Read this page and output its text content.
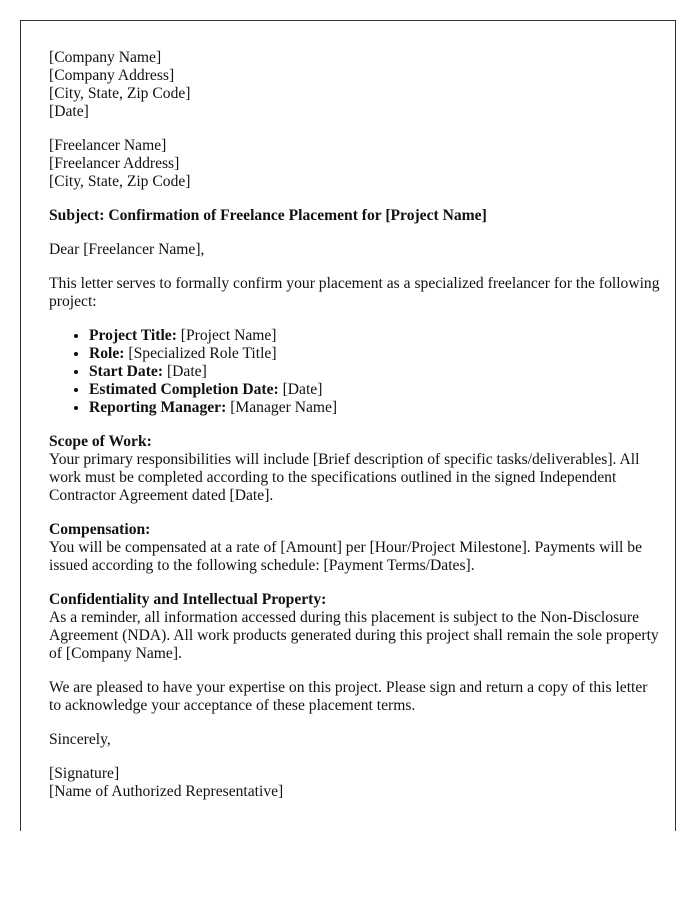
[Company Name]
[Company Address]
[City, State, Zip Code]
[Date]
[Freelancer Name]
[Freelancer Address]
[City, State, Zip Code]

Subject: Confirmation of Freelance Placement for [Project Name]

Dear [Freelancer Name],

This letter serves to formally confirm your placement as a specialized freelancer for the following project:

• Project Title: [Project Name]
• Role: [Specialized Role Title]
• Start Date: [Date]
• Estimated Completion Date: [Date]
• Reporting Manager: [Manager Name]
Scope of Work:
Your primary responsibilities will include [Brief description of specific tasks/deliverables]. All work must be completed according to the specifications outlined in the signed Independent Contractor Agreement dated [Date].
Compensation:
You will be compensated at a rate of [Amount] per [Hour/Project Milestone]. Payments will be issued according to the following schedule: [Payment Terms/Dates].
Confidentiality and Intellectual Property:
As a reminder, all information accessed during this placement is subject to the Non-Disclosure Agreement (NDA). All work products generated during this project shall remain the sole property of [Company Name].

We are pleased to have your expertise on this project. Please sign and return a copy of this letter to acknowledge your acceptance of these placement terms.

Sincerely,

[Signature]
[Name of Authorized Representative]
